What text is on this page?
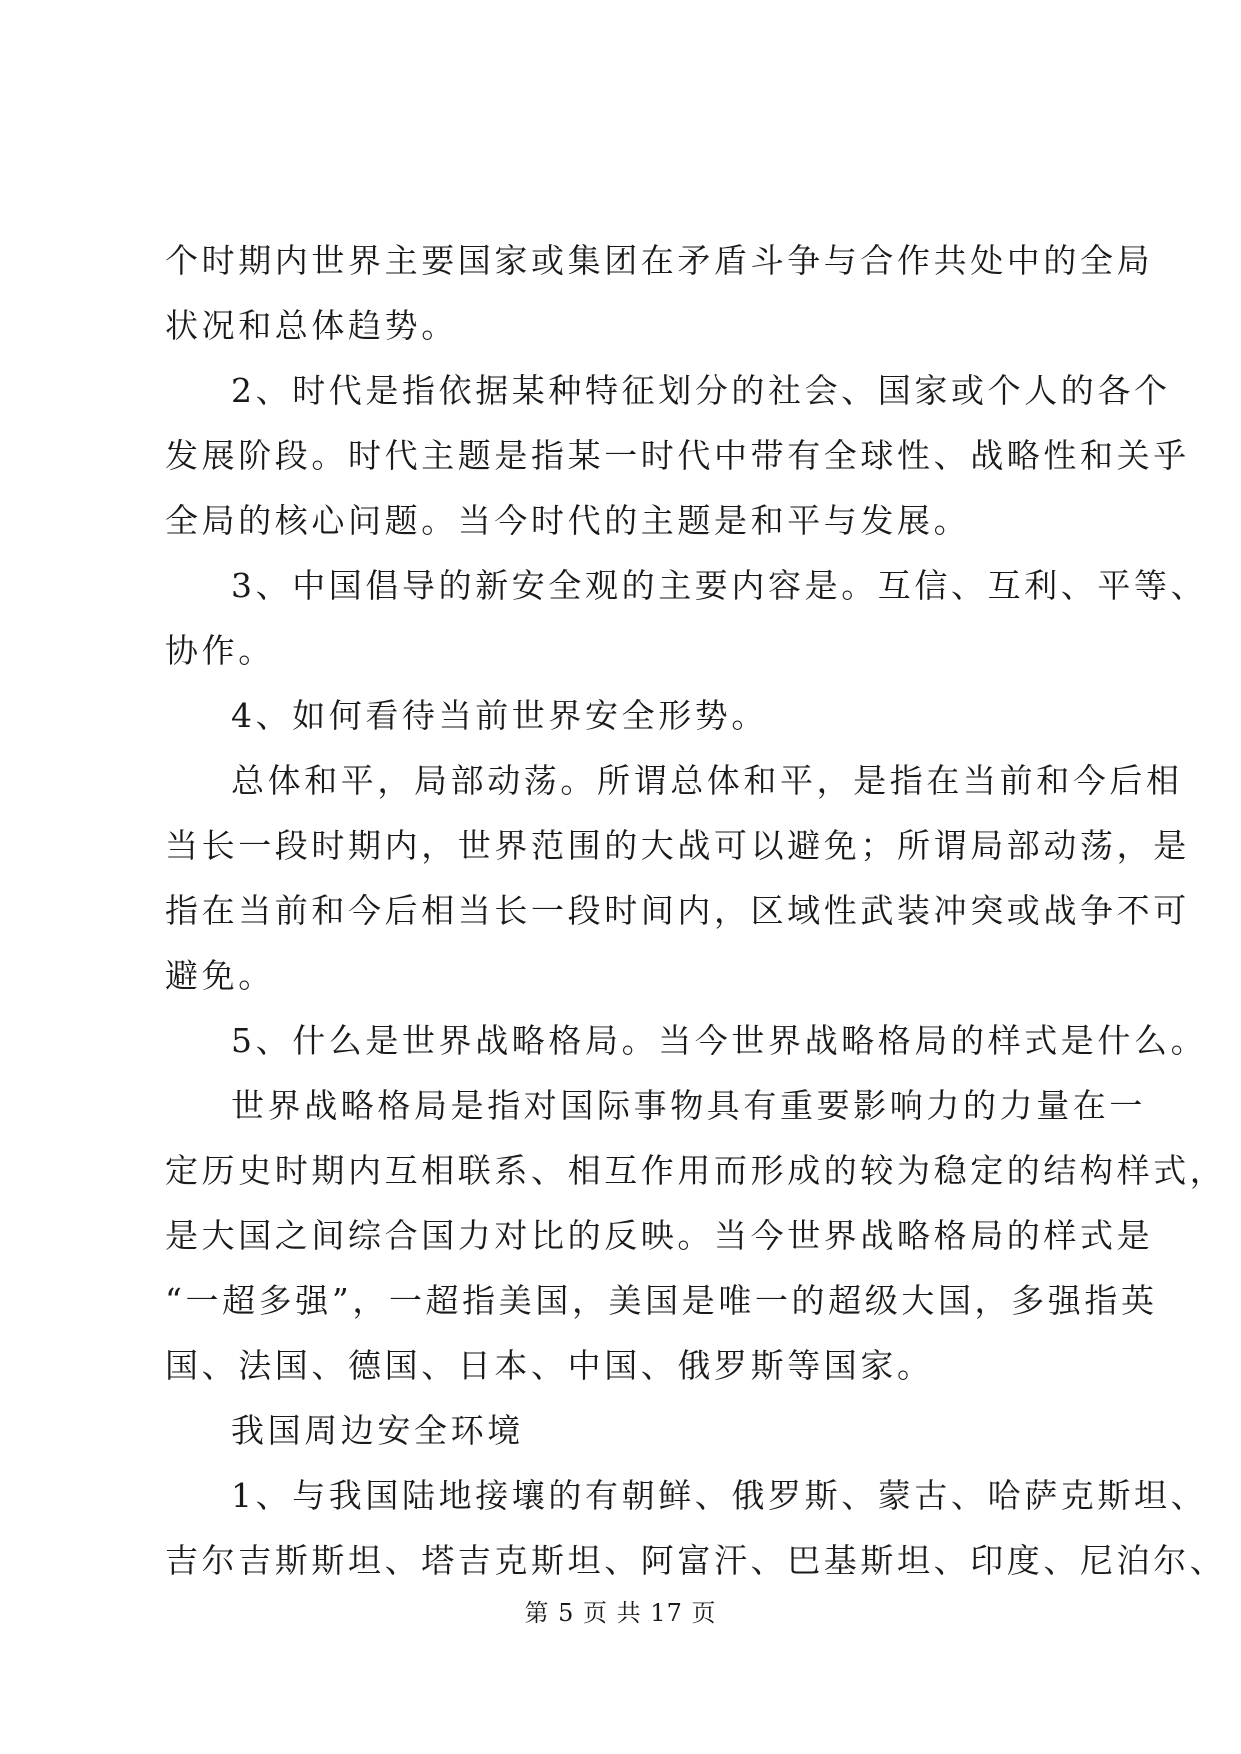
个时期内世界主要国家或集团在矛盾斗争与合作共处中的全局
状况和总体趋势。
2、时代是指依据某种特征划分的社会、国家或个人的各个
发展阶段。时代主题是指某一时代中带有全球性、战略性和关乎
全局的核心问题。当今时代的主题是和平与发展。
3、中国倡导的新安全观的主要内容是。互信、互利、平等、
协作。
4、如何看待当前世界安全形势。
总体和平，局部动荡。所谓总体和平，是指在当前和今后相
当长一段时期内，世界范围的大战可以避免；所谓局部动荡，是
指在当前和今后相当长一段时间内，区域性武装冲突或战争不可
避免。
5、什么是世界战略格局。当今世界战略格局的样式是什么。
世界战略格局是指对国际事物具有重要影响力的力量在一
定历史时期内互相联系、相互作用而形成的较为稳定的结构样式，
是大国之间综合国力对比的反映。当今世界战略格局的样式是
“一超多强”，一超指美国，美国是唯一的超级大国，多强指英
国、法国、德国、日本、中国、俄罗斯等国家。
我国周边安全环境
1、与我国陆地接壤的有朝鲜、俄罗斯、蒙古、哈萨克斯坦、
吉尔吉斯斯坦、塔吉克斯坦、阿富汗、巴基斯坦、印度、尼泊尔、
第 5 页 共 17 页
